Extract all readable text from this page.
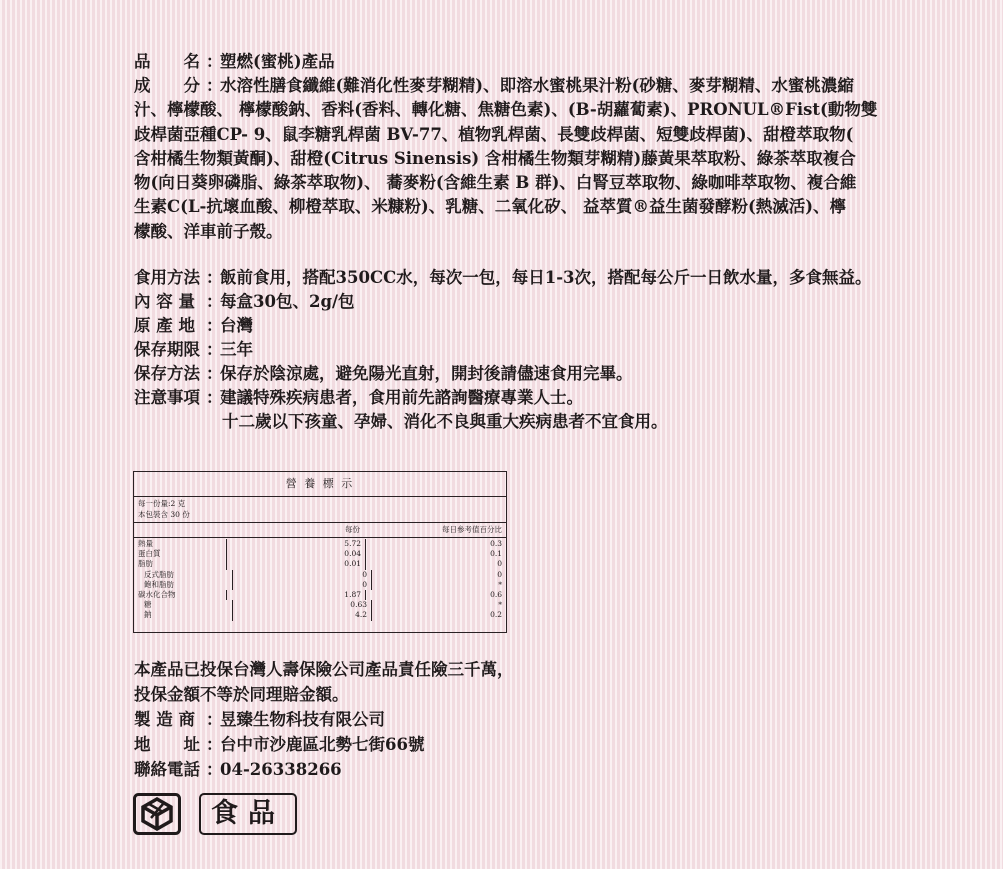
品　　名 ：
塑燃(蜜桃)產品
成　　分 ：
水溶性膳食纖維(難消化性麥芽糊精)、即溶水蜜桃果汁粉(砂糖、麥芽糊精、水蜜桃濃縮
汁、檸檬酸、 檸檬酸鈉、香料(香料、轉化糖、焦糖色素)、(B-胡蘿蔔素)、PRONUL®Fist(動物雙
歧桿菌亞種CP- 9、鼠李糖乳桿菌 BV-77、植物乳桿菌、長雙歧桿菌、短雙歧桿菌)、甜橙萃取物(
含柑橘生物類黃酮)、甜橙(Citrus Sinensis) 含柑橘生物類芽糊精)藤黃果萃取粉、綠茶萃取複合
物(向日葵卵磷脂、綠茶萃取物)、 蕎麥粉(含維生素 B 群)、白腎豆萃取物、綠咖啡萃取物、複合維
生素C(L-抗壞血酸、柳橙萃取、米糠粉)、乳糖、二氧化矽、 益萃質®益生菌發酵粉(熱滅活)、檸
檬酸、洋車前子殼。
食用方法 ：
飯前食用，搭配350CC水，每次一包，每日1-3次，搭配每公斤一日飲水量，多食無益。
內 容 量 ：
每盒30包、2g/包
原 產 地 ：
台灣
保存期限 ：
三年
保存方法 ：
保存於陰涼處，避免陽光直射，開封後請儘速食用完畢。
注意事項 ：
建議特殊疾病患者，食用前先諮詢醫療專業人士。
十二歲以下孩童、孕婦、消化不良與重大疾病患者不宜食用。
營 養 標 示
每一份量:2 克
本包裝含 30 份
每份	每日參考值百分比
熱量	5.72	0.3
蛋白質	0.04	0.1
脂肪	0.01	0
反式脂肪	0	0
飽和脂肪	0	*
碳水化合物	1.87	0.6
糖	0.63	*
鈉	4.2	0.2
本產品已投保台灣人壽保險公司產品責任險三千萬，
投保金額不等於同理賠金額。
製 造 商 ：
昱臻生物科技有限公司
地　　址 ：
台中市沙鹿區北勢七街66號
聯絡電話 ：
04-26338266
食品
